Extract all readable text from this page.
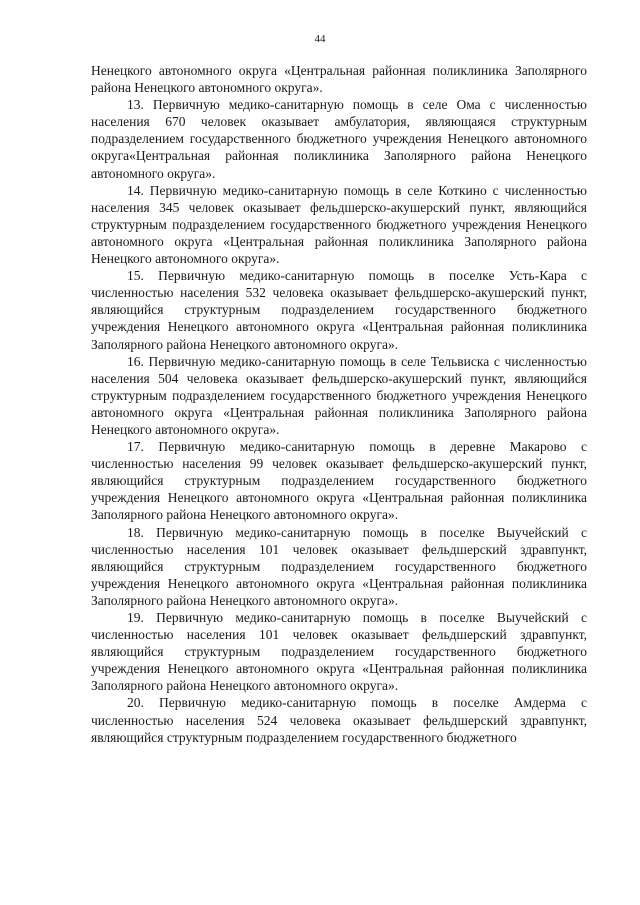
44

Ненецкого автономного округа «Центральная районная поликлиника Заполярного района Ненецкого автономного округа».

13. Первичную медико-санитарную помощь в селе Ома с численностью населения 670 человек оказывает амбулатория, являющаяся структурным подразделением государственного бюджетного учреждения Ненецкого автономного округа«Центральная районная поликлиника Заполярного района Ненецкого автономного округа».

14. Первичную медико-санитарную помощь в селе Коткино с численностью населения 345 человек оказывает фельдшерско-акушерский пункт, являющийся структурным подразделением государственного бюджетного учреждения Ненецкого автономного округа «Центральная районная поликлиника Заполярного района Ненецкого автономного округа».

15. Первичную медико-санитарную помощь в поселке Усть-Кара с численностью населения 532 человека оказывает фельдшерско-акушерский пункт, являющийся структурным подразделением государственного бюджетного учреждения Ненецкого автономного округа «Центральная районная поликлиника Заполярного района Ненецкого автономного округа».

16. Первичную медико-санитарную помощь в селе Тельвиска с численностью населения 504 человека оказывает фельдшерско-акушерский пункт, являющийся структурным подразделением государственного бюджетного учреждения Ненецкого автономного округа «Центральная районная поликлиника Заполярного района Ненецкого автономного округа».

17. Первичную медико-санитарную помощь в деревне Макарово с численностью населения 99 человек оказывает фельдшерско-акушерский пункт, являющийся структурным подразделением государственного бюджетного учреждения Ненецкого автономного округа «Центральная районная поликлиника Заполярного района Ненецкого автономного округа».

18. Первичную медико-санитарную помощь в поселке Выучейский с численностью населения 101 человек оказывает фельдшерский здравпункт, являющийся структурным подразделением государственного бюджетного учреждения Ненецкого автономного округа «Центральная районная поликлиника Заполярного района Ненецкого автономного округа».

19. Первичную медико-санитарную помощь в поселке Выучейский с численностью населения 101 человек оказывает фельдшерский здравпункт, являющийся структурным подразделением государственного бюджетного учреждения Ненецкого автономного округа «Центральная районная поликлиника Заполярного района Ненецкого автономного округа».

20. Первичную медико-санитарную помощь в поселке Амдерма с численностью населения 524 человека оказывает фельдшерский здравпункт, являющийся структурным подразделением государственного бюджетного
